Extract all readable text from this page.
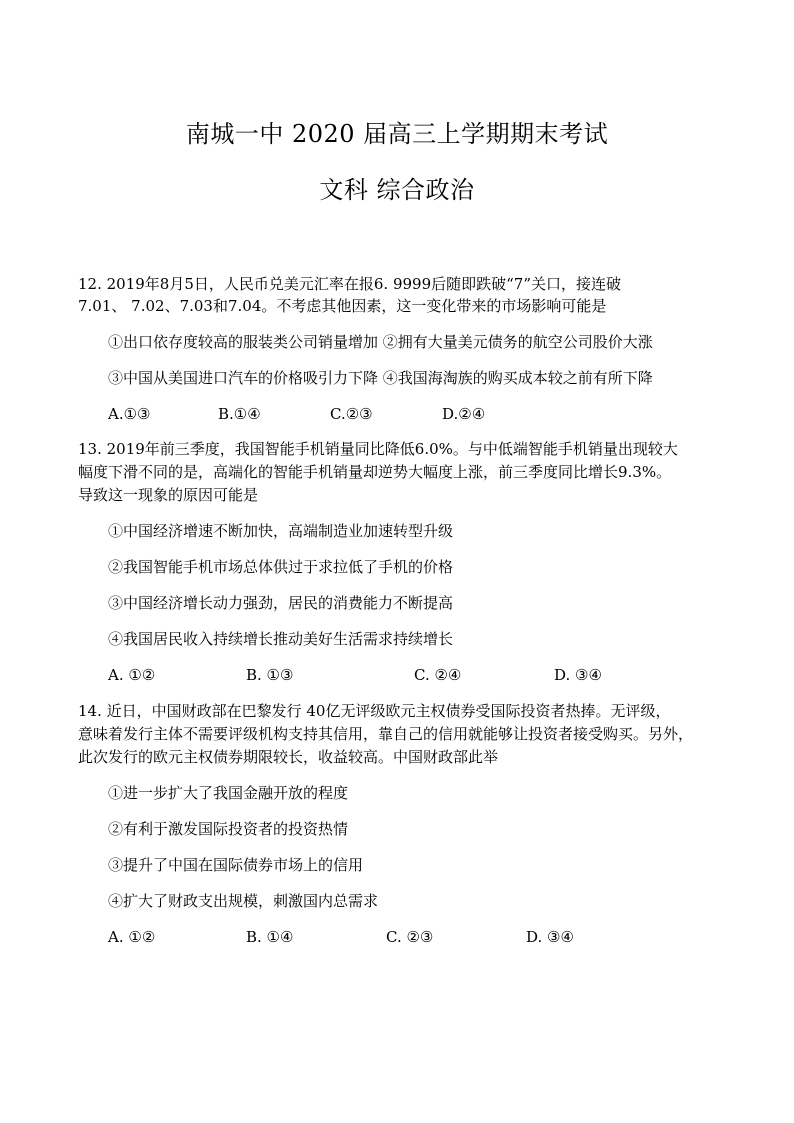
南城一中 2020 届高三上学期期末考试
文科 综合政治
12. 2019年8月5日，人民币兑美元汇率在报6. 9999后随即跌破“7”关口，接连破
7.01、 7.02、7.03和7.04。不考虑其他因素，这一变化带来的市场影响可能是
①出口依存度较高的服装类公司销量增加 ②拥有大量美元债务的航空公司股价大涨
③中国从美国进口汽车的价格吸引力下降 ④我国海淘族的购买成本较之前有所下降
A.①③	B.①④	C.②③	D.②④
13. 2019年前三季度，我国智能手机销量同比降低6.0%。与中低端智能手机销量出现较大
幅度下滑不同的是，高端化的智能手机销量却逆势大幅度上涨，前三季度同比增长9.3%。
导致这一现象的原因可能是
①中国经济增速不断加快，高端制造业加速转型升级
②我国智能手机市场总体供过于求拉低了手机的价格
③中国经济增长动力强劲，居民的消费能力不断提高
④我国居民收入持续增长推动美好生活需求持续增长
A. ①②	B. ①③	C. ②④	D. ③④
14. 近日，中国财政部在巴黎发行 40亿无评级欧元主权债券受国际投资者热捧。无评级，
意味着发行主体不需要评级机构支持其信用，靠自己的信用就能够让投资者接受购买。另外，
此次发行的欧元主权债券期限较长，收益较高。中国财政部此举
①进一步扩大了我国金融开放的程度
②有利于激发国际投资者的投资热情
③提升了中国在国际债券市场上的信用
④扩大了财政支出规模，刺激国内总需求
A. ①②	B. ①④	C. ②③	D. ③④
